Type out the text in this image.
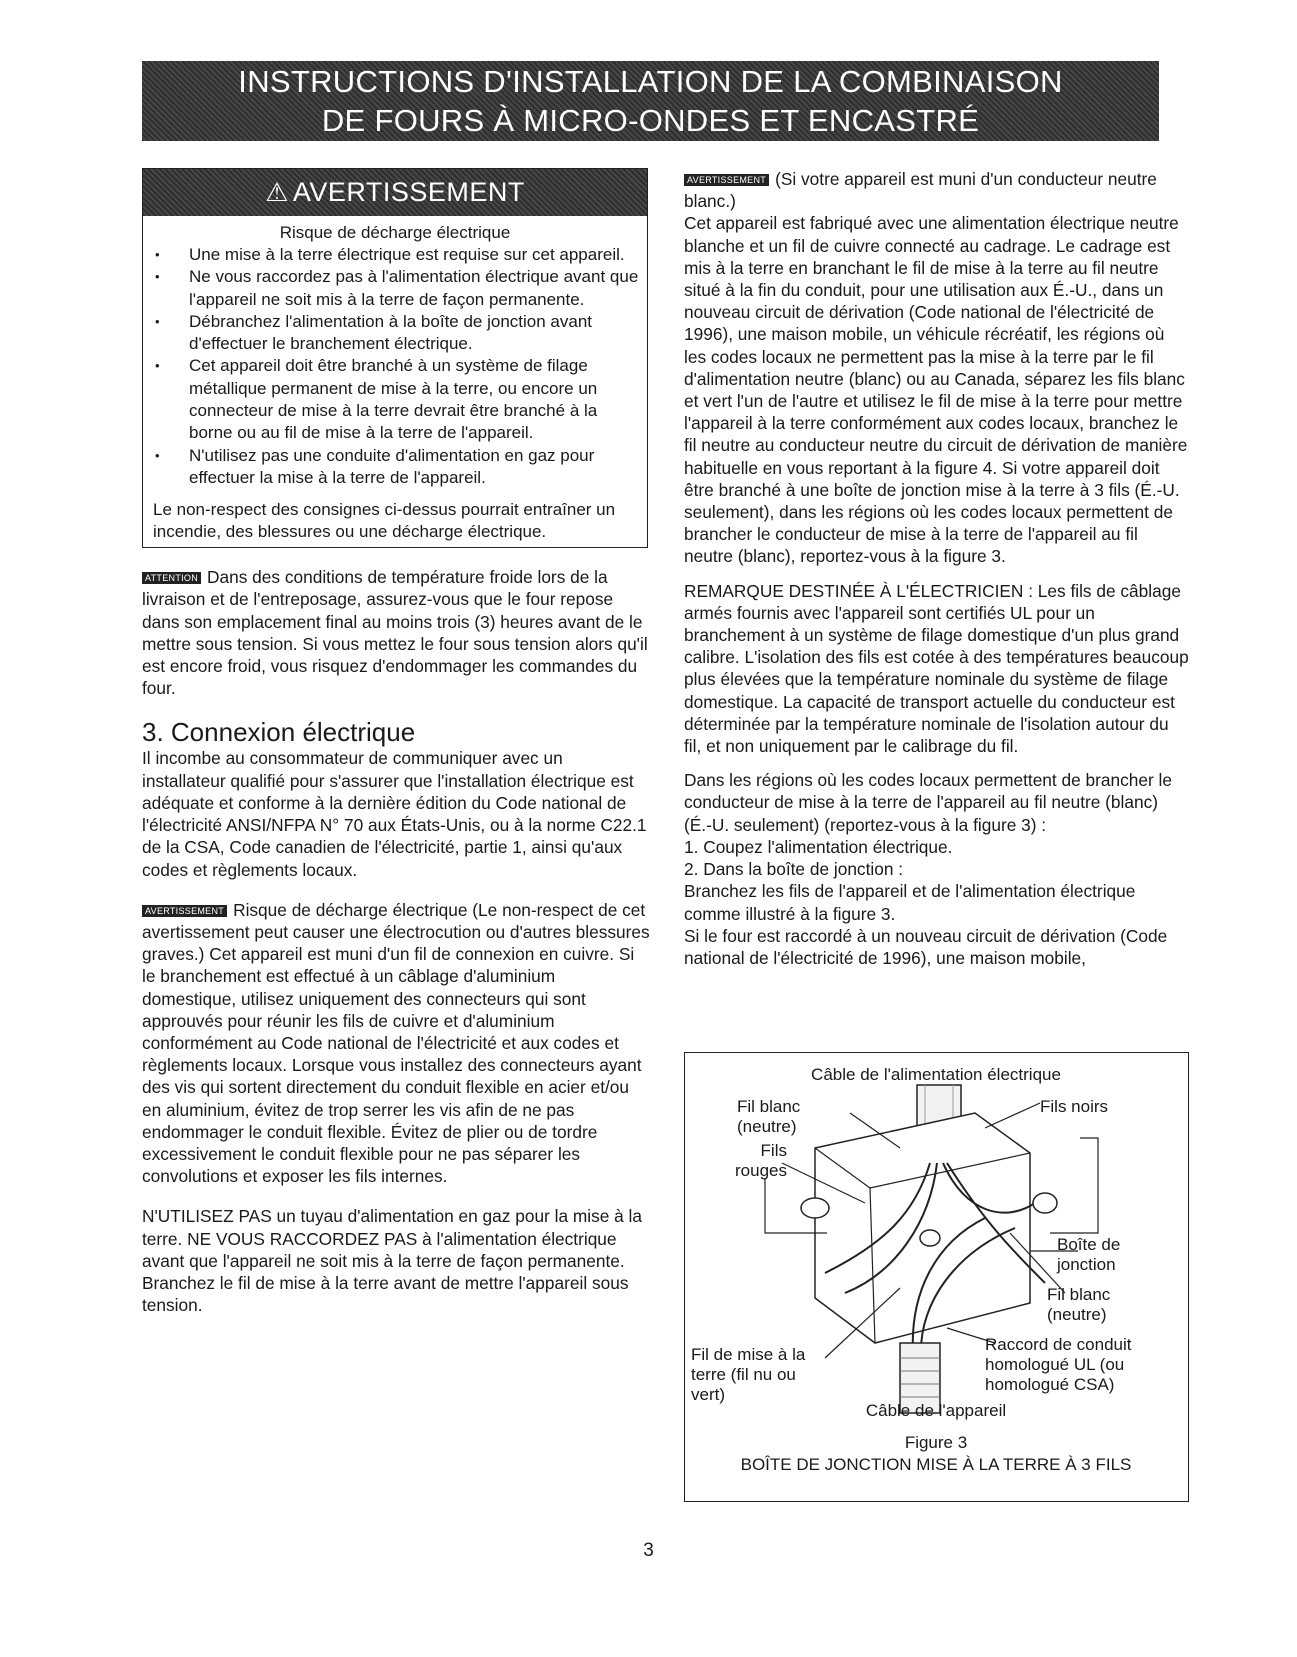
INSTRUCTIONS D'INSTALLATION DE LA COMBINAISON
DE FOURS À MICRO-ONDES ET ENCASTRÉ
⚠ AVERTISSEMENT
Risque de décharge électrique
• Une mise à la terre électrique est requise sur cet appareil.
• Ne vous raccordez pas à l'alimentation électrique avant que l'appareil ne soit mis à la terre de façon permanente.
• Débranchez l'alimentation à la boîte de jonction avant d'effectuer le branchement électrique.
• Cet appareil doit être branché à un système de filage métallique permanent de mise à la terre, ou encore un connecteur de mise à la terre devrait être branché à la borne ou au fil de mise à la terre de l'appareil.
• N'utilisez pas une conduite d'alimentation en gaz pour effectuer la mise à la terre de l'appareil.
Le non-respect des consignes ci-dessus pourrait entraîner un incendie, des blessures ou une décharge électrique.

ATTENTION Dans des conditions de température froide lors de la livraison et de l'entreposage, assurez-vous que le four repose dans son emplacement final au moins trois (3) heures avant de le mettre sous tension. Si vous mettez le four sous tension alors qu'il est encore froid, vous risquez d'endommager les commandes du four.

3. Connexion électrique

Il incombe au consommateur de communiquer avec un installateur qualifié pour s'assurer que l'installation électrique est adéquate et conforme à la dernière édition du Code national de l'électricité ANSI/NFPA N° 70 aux États-Unis, ou à la norme C22.1 de la CSA, Code canadien de l'électricité, partie 1, ainsi qu'aux codes et règlements locaux.

AVERTISSEMENT Risque de décharge électrique (Le non-respect de cet avertissement peut causer une électrocution ou d'autres blessures graves.) Cet appareil est muni d'un fil de connexion en cuivre. Si le branchement est effectué à un câblage d'aluminium domestique, utilisez uniquement des connecteurs qui sont approuvés pour réunir les fils de cuivre et d'aluminium conformément au Code national de l'électricité et aux codes et règlements locaux. Lorsque vous installez des connecteurs ayant des vis qui sortent directement du conduit flexible en acier et/ou en aluminium, évitez de trop serrer les vis afin de ne pas endommager le conduit flexible. Évitez de plier ou de tordre excessivement le conduit flexible pour ne pas séparer les convolutions et exposer les fils internes.

N'UTILISEZ PAS un tuyau d'alimentation en gaz pour la mise à la terre. NE VOUS RACCORDEZ PAS à l'alimentation électrique avant que l'appareil ne soit mis à la terre de façon permanente. Branchez le fil de mise à la terre avant de mettre l'appareil sous tension.

AVERTISSEMENT (Si votre appareil est muni d'un conducteur neutre blanc.)

Cet appareil est fabriqué avec une alimentation électrique neutre blanche et un fil de cuivre connecté au cadrage. Le cadrage est mis à la terre en branchant le fil de mise à la terre au fil neutre situé à la fin du conduit, pour une utilisation aux É.-U., dans un nouveau circuit de dérivation (Code national de l'électricité de 1996), une maison mobile, un véhicule récréatif, les régions où les codes locaux ne permettent pas la mise à la terre par le fil d'alimentation neutre (blanc) ou au Canada, séparez les fils blanc et vert l'un de l'autre et utilisez le fil de mise à la terre pour mettre l'appareil à la terre conformément aux codes locaux, branchez le fil neutre au conducteur neutre du circuit de dérivation de manière habituelle en vous reportant à la figure 4. Si votre appareil doit être branché à une boîte de jonction mise à la terre à 3 fils (É.-U. seulement), dans les régions où les codes locaux permettent de brancher le conducteur de mise à la terre de l'appareil au fil neutre (blanc), reportez-vous à la figure 3.

REMARQUE DESTINÉE À L'ÉLECTRICIEN : Les fils de câblage armés fournis avec l'appareil sont certifiés UL pour un branchement à un système de filage domestique d'un plus grand calibre. L'isolation des fils est cotée à des températures beaucoup plus élevées que la température nominale du système de filage domestique. La capacité de transport actuelle du conducteur est déterminée par la température nominale de l'isolation autour du fil, et non uniquement par le calibrage du fil.

Dans les régions où les codes locaux permettent de brancher le conducteur de mise à la terre de l'appareil au fil neutre (blanc) (É.-U. seulement) (reportez-vous à la figure 3) :

1. Coupez l'alimentation électrique.
2. Dans la boîte de jonction :
Branchez les fils de l'appareil et de l'alimentation électrique comme illustré à la figure 3.

Si le four est raccordé à un nouveau circuit de dérivation (Code national de l'électricité de 1996), une maison mobile,

Câble de l'alimentation électrique
Fil blanc (neutre)
Fils noirs
Fils rouges
Boîte de jonction
Fil blanc (neutre)
Raccord de conduit homologué UL (ou homologué CSA)
Fil de mise à la terre (fil nu ou vert)
Câble de l'appareil
Figure 3
BOÎTE DE JONCTION MISE À LA TERRE À 3 FILS
3
